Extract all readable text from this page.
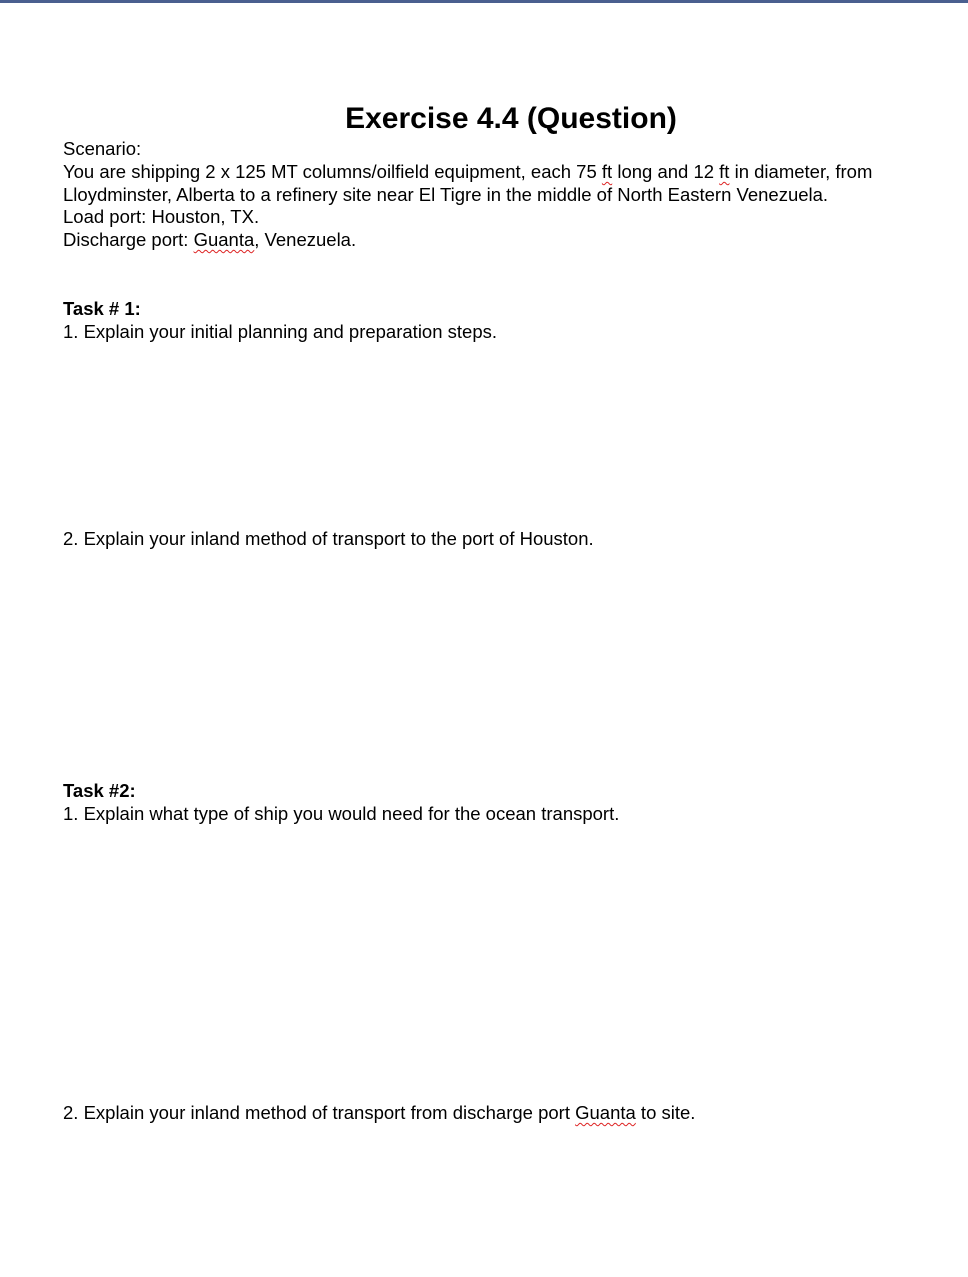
Exercise 4.4 (Question)

Scenario:

You are shipping 2 x 125 MT columns/oilfield equipment, each 75 ft long and 12 ft in diameter, from

Lloydminster, Alberta to a refinery site near El Tigre in the middle of North Eastern Venezuela.

Load port: Houston, TX.

Discharge port: Guanta, Venezuela.

Task # 1:

1. Explain your initial planning and preparation steps.

2. Explain your inland method of transport to the port of Houston.

Task #2:

1. Explain what type of ship you would need for the ocean transport.

2. Explain your inland method of transport from discharge port Guanta to site.
